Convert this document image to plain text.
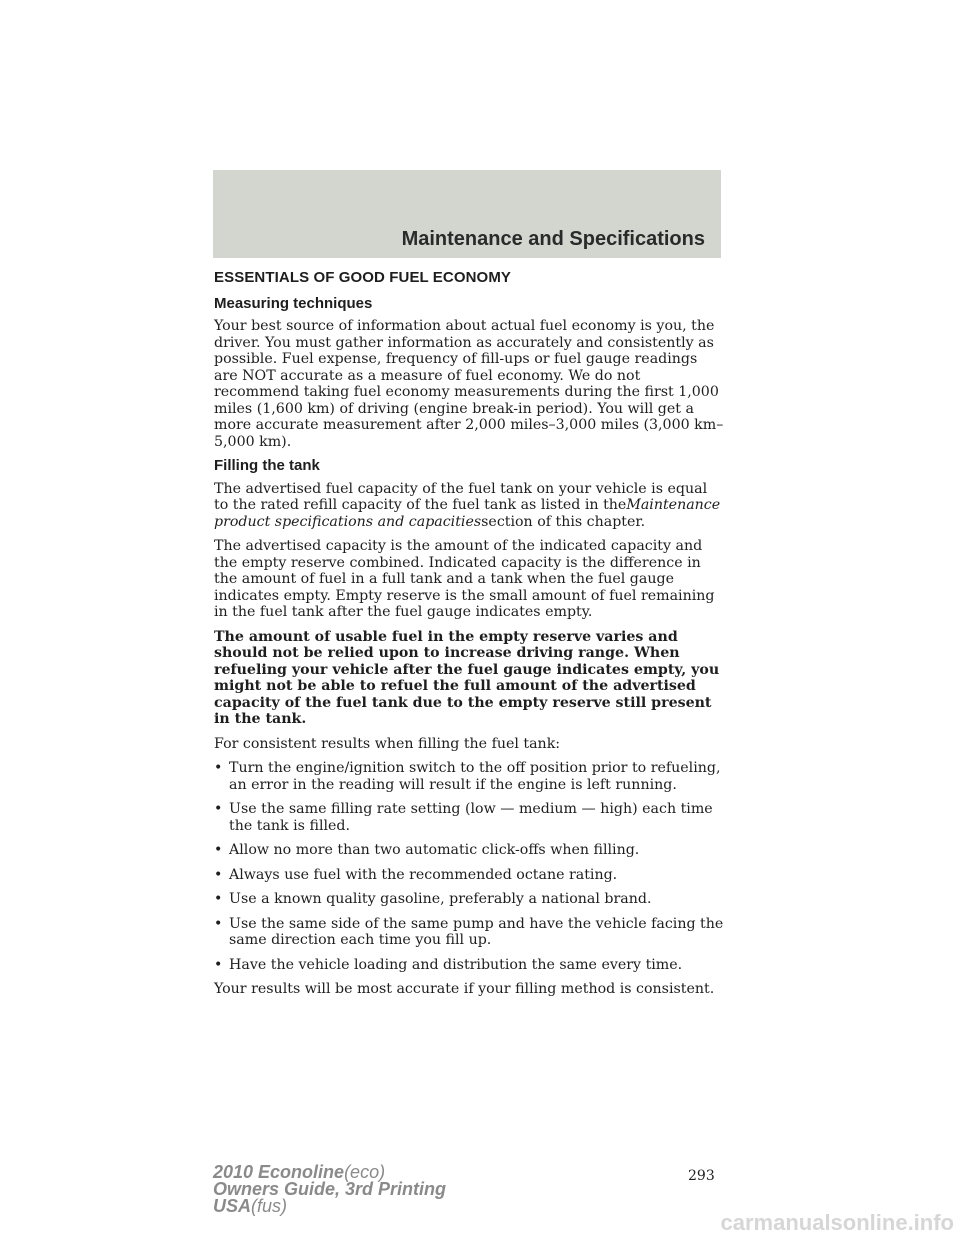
Maintenance and Specifications
ESSENTIALS OF GOOD FUEL ECONOMY
Measuring techniques

Your best source of information about actual fuel economy is you, the driver. You must gather information as accurately and consistently as possible. Fuel expense, frequency of fill-ups or fuel gauge readings are NOT accurate as a measure of fuel economy. We do not recommend taking fuel economy measurements during the first 1,000 miles (1,600 km) of driving (engine break-in period). You will get a more accurate measurement after 2,000 miles–3,000 miles (3,000 km–5,000 km).

Filling the tank

The advertised fuel capacity of the fuel tank on your vehicle is equal to the rated refill capacity of the fuel tank as listed in theMaintenance product specifications and capacitiessection of this chapter.

The advertised capacity is the amount of the indicated capacity and the empty reserve combined. Indicated capacity is the difference in the amount of fuel in a full tank and a tank when the fuel gauge indicates empty. Empty reserve is the small amount of fuel remaining in the fuel tank after the fuel gauge indicates empty.

The amount of usable fuel in the empty reserve varies and should not be relied upon to increase driving range. When refueling your vehicle after the fuel gauge indicates empty, you might not be able to refuel the full amount of the advertised capacity of the fuel tank due to the empty reserve still present in the tank.

For consistent results when filling the fuel tank:

• Turn the engine/ignition switch to the off position prior to refueling, an error in the reading will result if the engine is left running.
• Use the same filling rate setting (low — medium — high) each time the tank is filled.
• Allow no more than two automatic click-offs when filling.
• Always use fuel with the recommended octane rating.
• Use a known quality gasoline, preferably a national brand.
• Use the same side of the same pump and have the vehicle facing the same direction each time you fill up.
• Have the vehicle loading and distribution the same every time.

Your results will be most accurate if your filling method is consistent.

293
2010 Econoline(eco)
Owners Guide, 3rd Printing
USA(fus)
carmanualsonline.info
